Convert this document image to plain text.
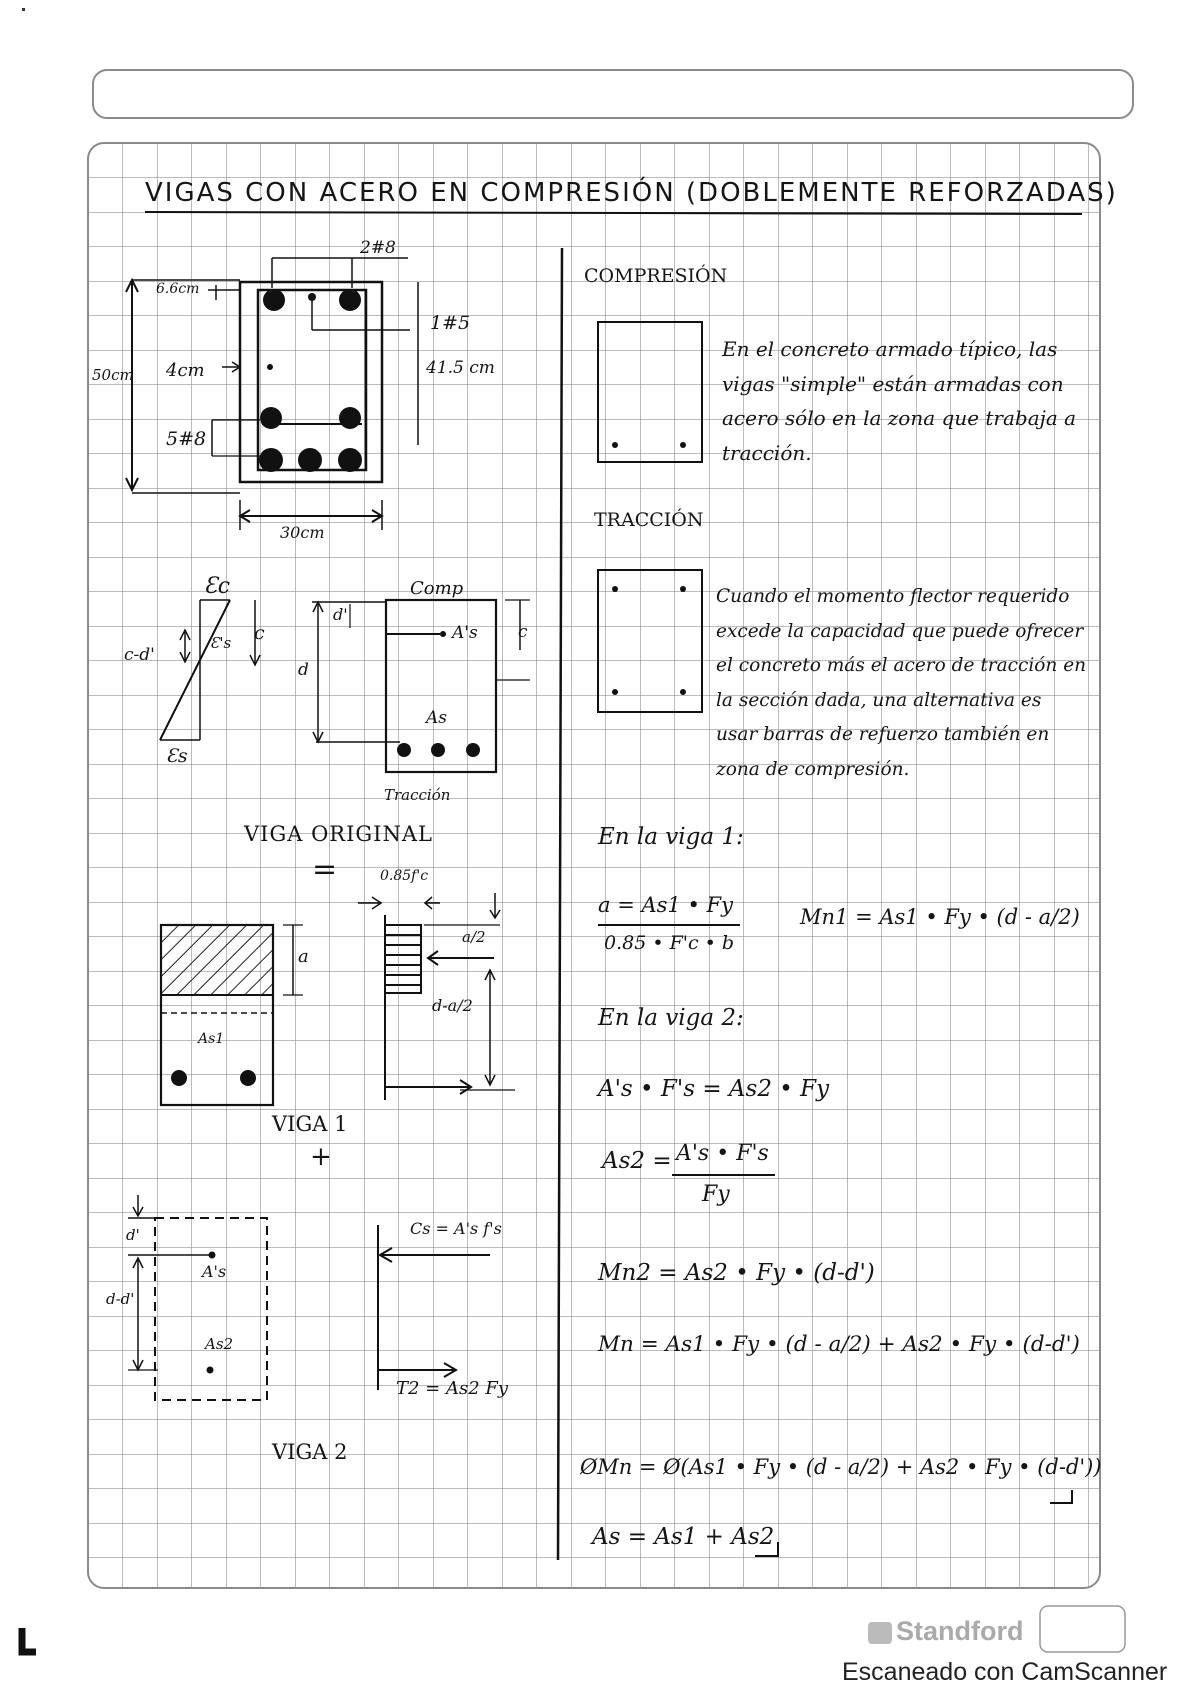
VIGAS CON ACERO EN COMPRESIÓN (DOBLEMENTE REFORZADAS)
2#8
6.6cm
50cm 4cm
1#5
41.5 cm
5#8
30cm
Ɛc
Ɛ's
Ɛs
c-d'
c
Comp
d'
A's c
d
As
Tracción
VIGA ORIGINAL
=
a
As1
0.85f'c
a/2
d-a/2
VIGA 1
+
d'
d-d'
A's
As2
Cs = A's f's
T2 = As2 Fy
VIGA 2
COMPRESIÓN
En el concreto armado típico, las vigas "simple" están armadas con acero sólo en la zona que trabaja a tracción.
TRACCIÓN
Cuando el momento flector requerido excede la capacidad que puede ofrecer el concreto más el acero de tracción en la sección dada, una alternativa es usar barras de refuerzo también en zona de compresión.
En la viga 1:
a = As1 • Fy
0.85 • F'c • b
Mn1 = As1 • Fy • (d - a/2)
En la viga 2:
A's • F's = As2 • Fy
As2 = A's • F's
Fy
Mn2 = As2 • Fy • (d-d')
Mn = As1 • Fy • (d - a/2) + As2 • Fy • (d-d')
ØMn = Ø(As1 • Fy • (d - a/2) + As2 • Fy • (d-d'))
As = As1 + As2
Standford
Escaneado con CamScanner
